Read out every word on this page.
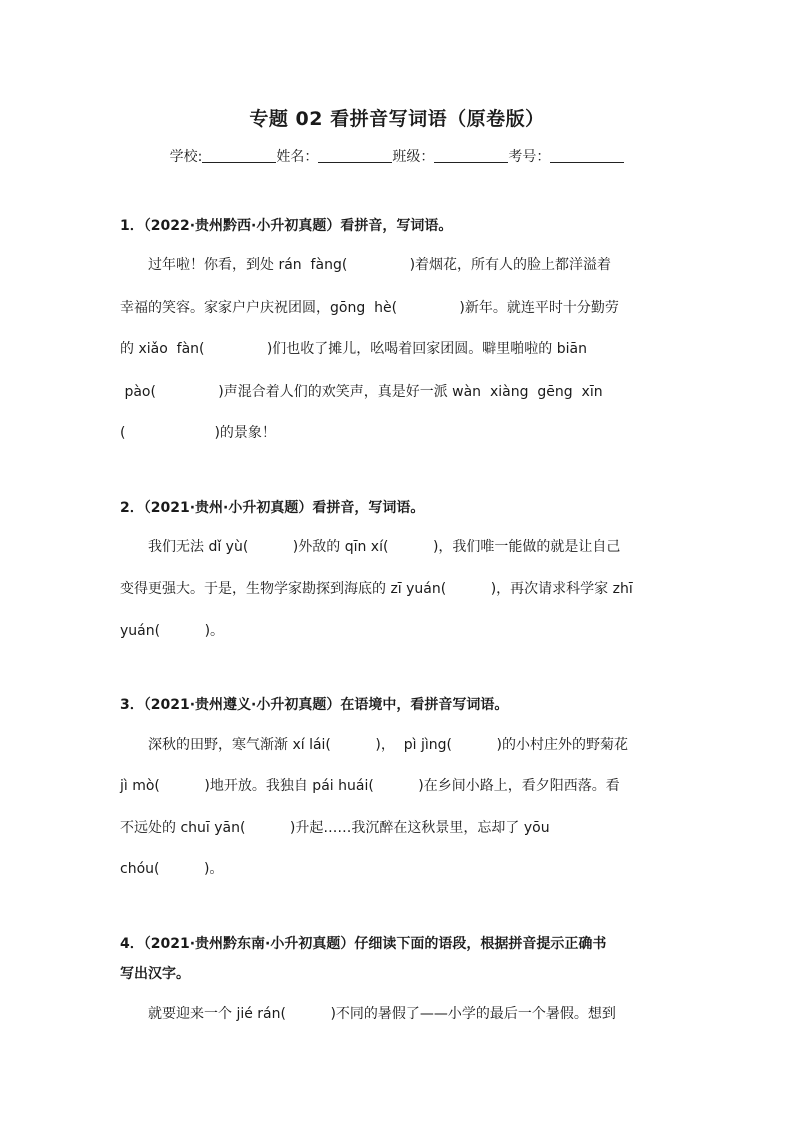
专题 02 看拼音写词语（原卷版）
学校:	姓名：	班级：	考号：
1．（2022·贵州黔西·小升初真题）看拼音，写词语。
过年啦！你看，到处 rán  fàng(              )着烟花，所有人的脸上都洋溢着
幸福的笑容。家家户户庆祝团圆，gōng  hè(              )新年。就连平时十分勤劳
的 xiǎo  fàn(              )们也收了摊儿，吆喝着回家团圆。噼里啪啦的 biān
pào(              )声混合着人们的欢笑声，真是好一派 wàn  xiàng  gēng  xīn
(                    )的景象！
2．（2021·贵州·小升初真题）看拼音，写词语。
我们无法 dǐ yù(          )外敌的 qīn xí(          )，我们唯一能做的就是让自己
变得更强大。于是，生物学家勘探到海底的 zī yuán(          )，再次请求科学家 zhī
yuán(          )。
3．（2021·贵州遵义·小升初真题）在语境中，看拼音写词语。
深秋的田野，寒气渐渐 xí lái(          )，  pì jìng(          )的小村庄外的野菊花
jì mò(          )地开放。我独自 pái huái(          )在乡间小路上，看夕阳西落。看
不远处的 chuī yān(          )升起……我沉醉在这秋景里，忘却了 yōu
chóu(          )。
4．（2021·贵州黔东南·小升初真题）仔细读下面的语段，根据拼音提示正确书
写出汉字。
就要迎来一个 jié rán(          )不同的暑假了——小学的最后一个暑假。想到
